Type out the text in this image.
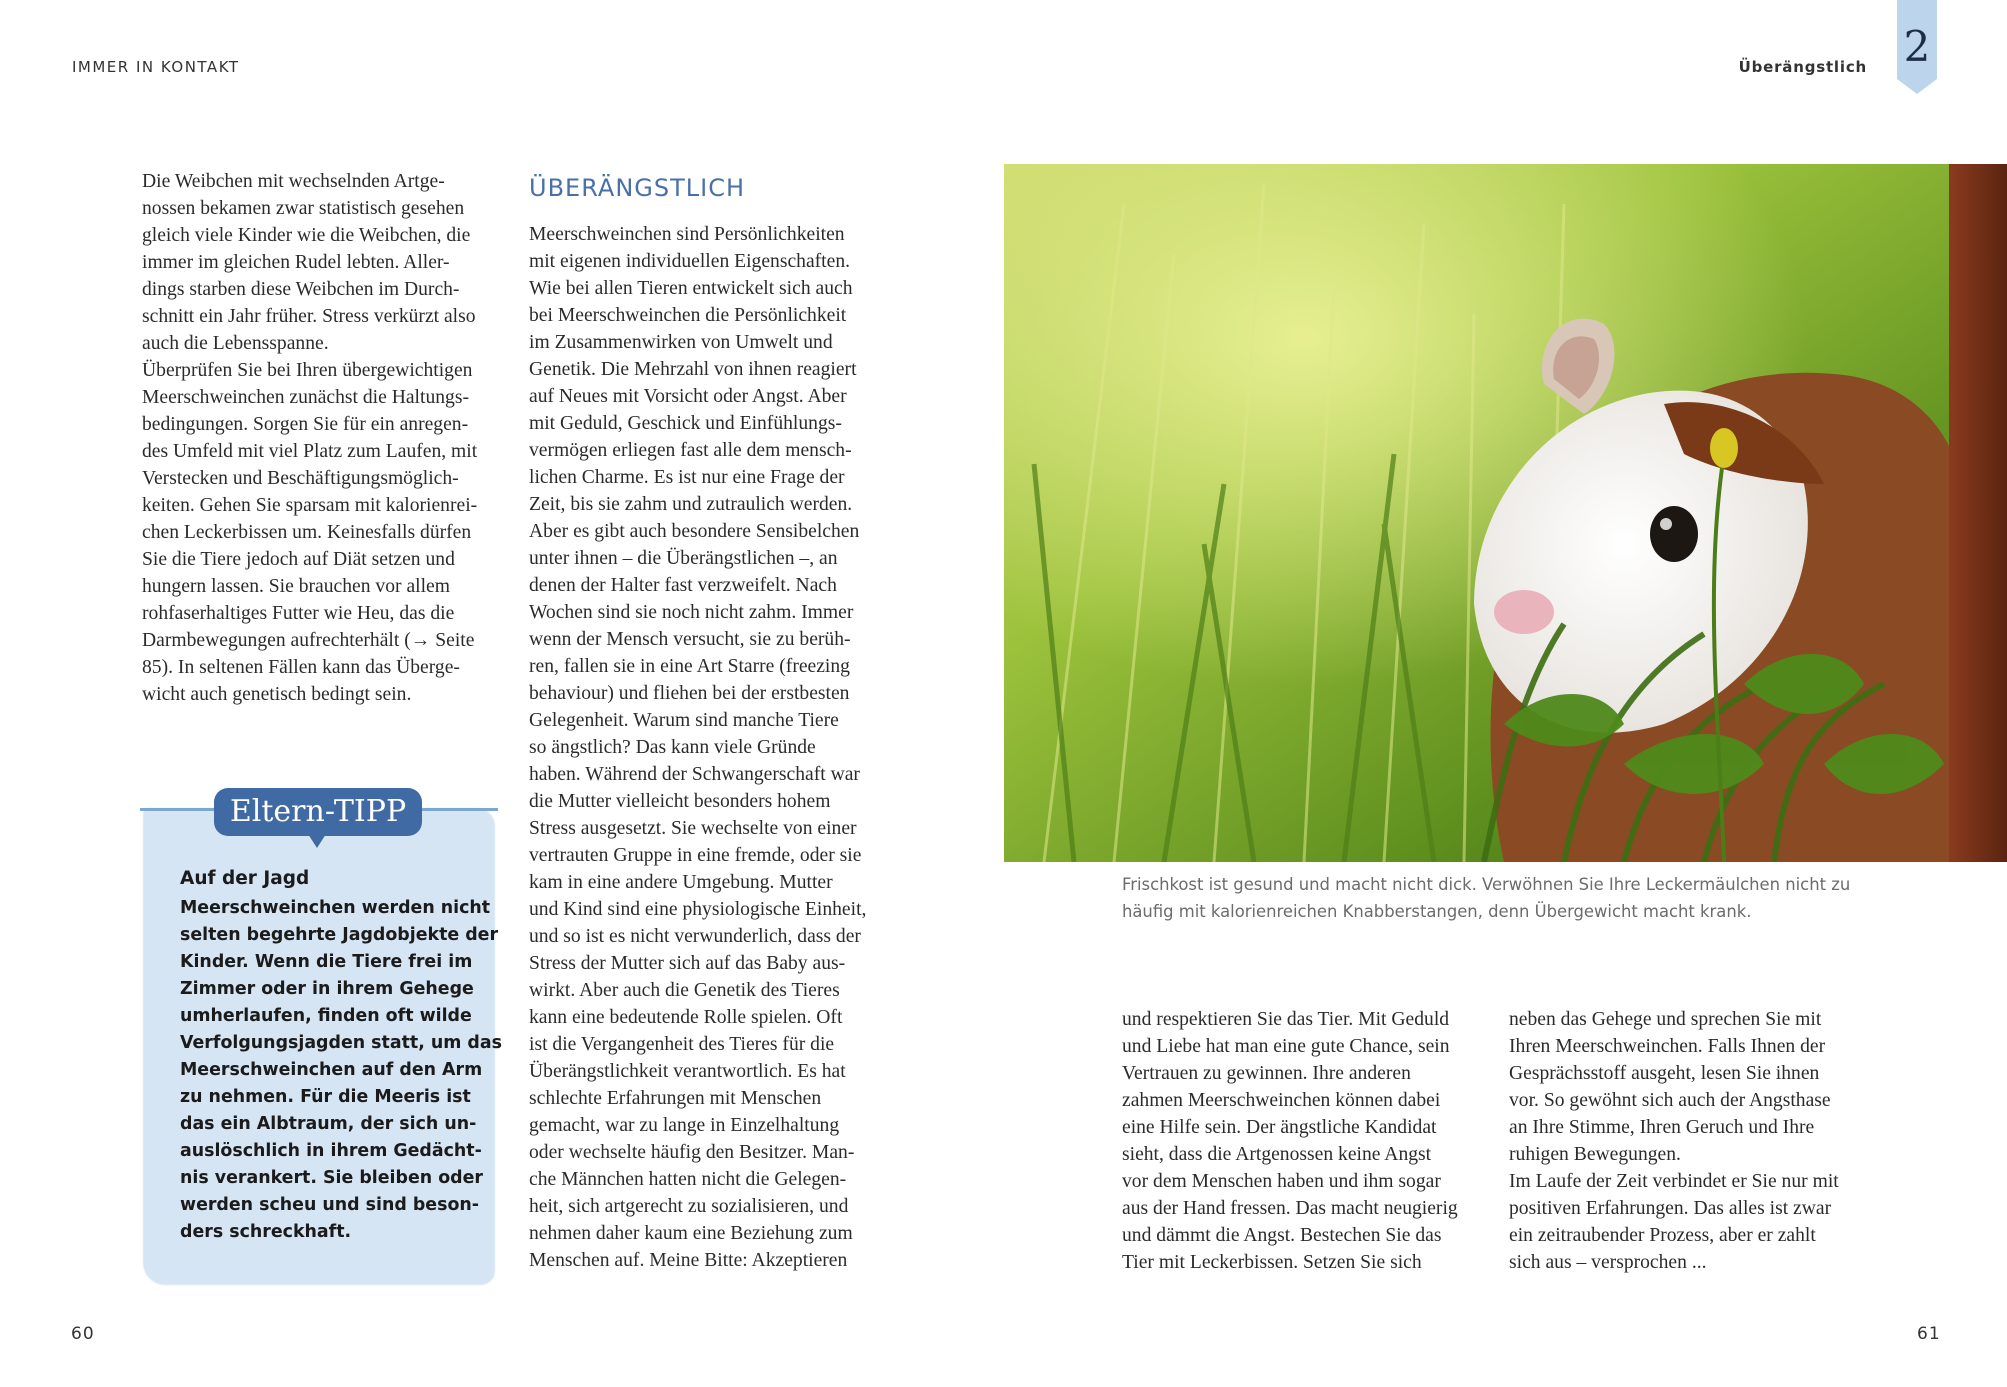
IMMER IN KONTAKT	Überängstlich 2
Die Weibchen mit wechselnden Artge-
nossen bekamen zwar statistisch gesehen
gleich viele Kinder wie die Weibchen, die
immer im gleichen Rudel lebten. Aller-
dings starben diese Weibchen im Durch-
schnitt ein Jahr früher. Stress verkürzt also
auch die Lebensspanne.
Überprüfen Sie bei Ihren übergewichtigen
Meerschweinchen zunächst die Haltungs-
bedingungen. Sorgen Sie für ein anregen-
des Umfeld mit viel Platz zum Laufen, mit
Verstecken und Beschäftigungsmöglich-
keiten. Gehen Sie sparsam mit kalorienrei-
chen Leckerbissen um. Keinesfalls dürfen
Sie die Tiere jedoch auf Diät setzen und
hungern lassen. Sie brauchen vor allem
rohfaserhaltiges Futter wie Heu, das die
Darmbewegungen aufrechterhält (→ Seite
85). In seltenen Fällen kann das Überge-
wicht auch genetisch bedingt sein.
Eltern-TIPP
Auf der Jagd
Meerschweinchen werden nicht
selten begehrte Jagdobjekte der
Kinder. Wenn die Tiere frei im
Zimmer oder in ihrem Gehege
umherlaufen, finden oft wilde
Verfolgungsjagden statt, um das
Meerschweinchen auf den Arm
zu nehmen. Für die Meeris ist
das ein Albtraum, der sich un-
auslöschlich in ihrem Gedächt-
nis verankert. Sie bleiben oder
werden scheu und sind beson-
ders schreckhaft.
ÜBERÄNGSTLICH
Meerschweinchen sind Persönlichkeiten
mit eigenen individuellen Eigenschaften.
Wie bei allen Tieren entwickelt sich auch
bei Meerschweinchen die Persönlichkeit
im Zusammenwirken von Umwelt und
Genetik. Die Mehrzahl von ihnen reagiert
auf Neues mit Vorsicht oder Angst. Aber
mit Geduld, Geschick und Einfühlungs-
vermögen erliegen fast alle dem mensch-
lichen Charme. Es ist nur eine Frage der
Zeit, bis sie zahm und zutraulich werden.
Aber es gibt auch besondere Sensibelchen
unter ihnen – die Überängstlichen –, an
denen der Halter fast verzweifelt. Nach
Wochen sind sie noch nicht zahm. Immer
wenn der Mensch versucht, sie zu berüh-
ren, fallen sie in eine Art Starre (freezing
behaviour) und fliehen bei der erstbesten
Gelegenheit. Warum sind manche Tiere
so ängstlich? Das kann viele Gründe
haben. Während der Schwangerschaft war
die Mutter vielleicht besonders hohem
Stress ausgesetzt. Sie wechselte von einer
vertrauten Gruppe in eine fremde, oder sie
kam in eine andere Umgebung. Mutter
und Kind sind eine physiologische Einheit,
und so ist es nicht verwunderlich, dass der
Stress der Mutter sich auf das Baby aus-
wirkt. Aber auch die Genetik des Tieres
kann eine bedeutende Rolle spielen. Oft
ist die Vergangenheit des Tieres für die
Überängstlichkeit verantwortlich. Es hat
schlechte Erfahrungen mit Menschen
gemacht, war zu lange in Einzelhaltung
oder wechselte häufig den Besitzer. Man-
che Männchen hatten nicht die Gelegen-
heit, sich artgerecht zu sozialisieren, und
nehmen daher kaum eine Beziehung zum
Menschen auf. Meine Bitte: Akzeptieren
Frischkost ist gesund und macht nicht dick. Verwöhnen Sie Ihre Leckermäulchen nicht zu
häufig mit kalorienreichen Knabberstangen, denn Übergewicht macht krank.
und respektieren Sie das Tier. Mit Geduld
und Liebe hat man eine gute Chance, sein
Vertrauen zu gewinnen. Ihre anderen
zahmen Meerschweinchen können dabei
eine Hilfe sein. Der ängstliche Kandidat
sieht, dass die Artgenossen keine Angst
vor dem Menschen haben und ihm sogar
aus der Hand fressen. Das macht neugierig
und dämmt die Angst. Bestechen Sie das
Tier mit Leckerbissen. Setzen Sie sich
neben das Gehege und sprechen Sie mit
Ihren Meerschweinchen. Falls Ihnen der
Gesprächsstoff ausgeht, lesen Sie ihnen
vor. So gewöhnt sich auch der Angsthase
an Ihre Stimme, Ihren Geruch und Ihre
ruhigen Bewegungen.
Im Laufe der Zeit verbindet er Sie nur mit
positiven Erfahrungen. Das alles ist zwar
ein zeitraubender Prozess, aber er zahlt
sich aus – versprochen ...
60	61
